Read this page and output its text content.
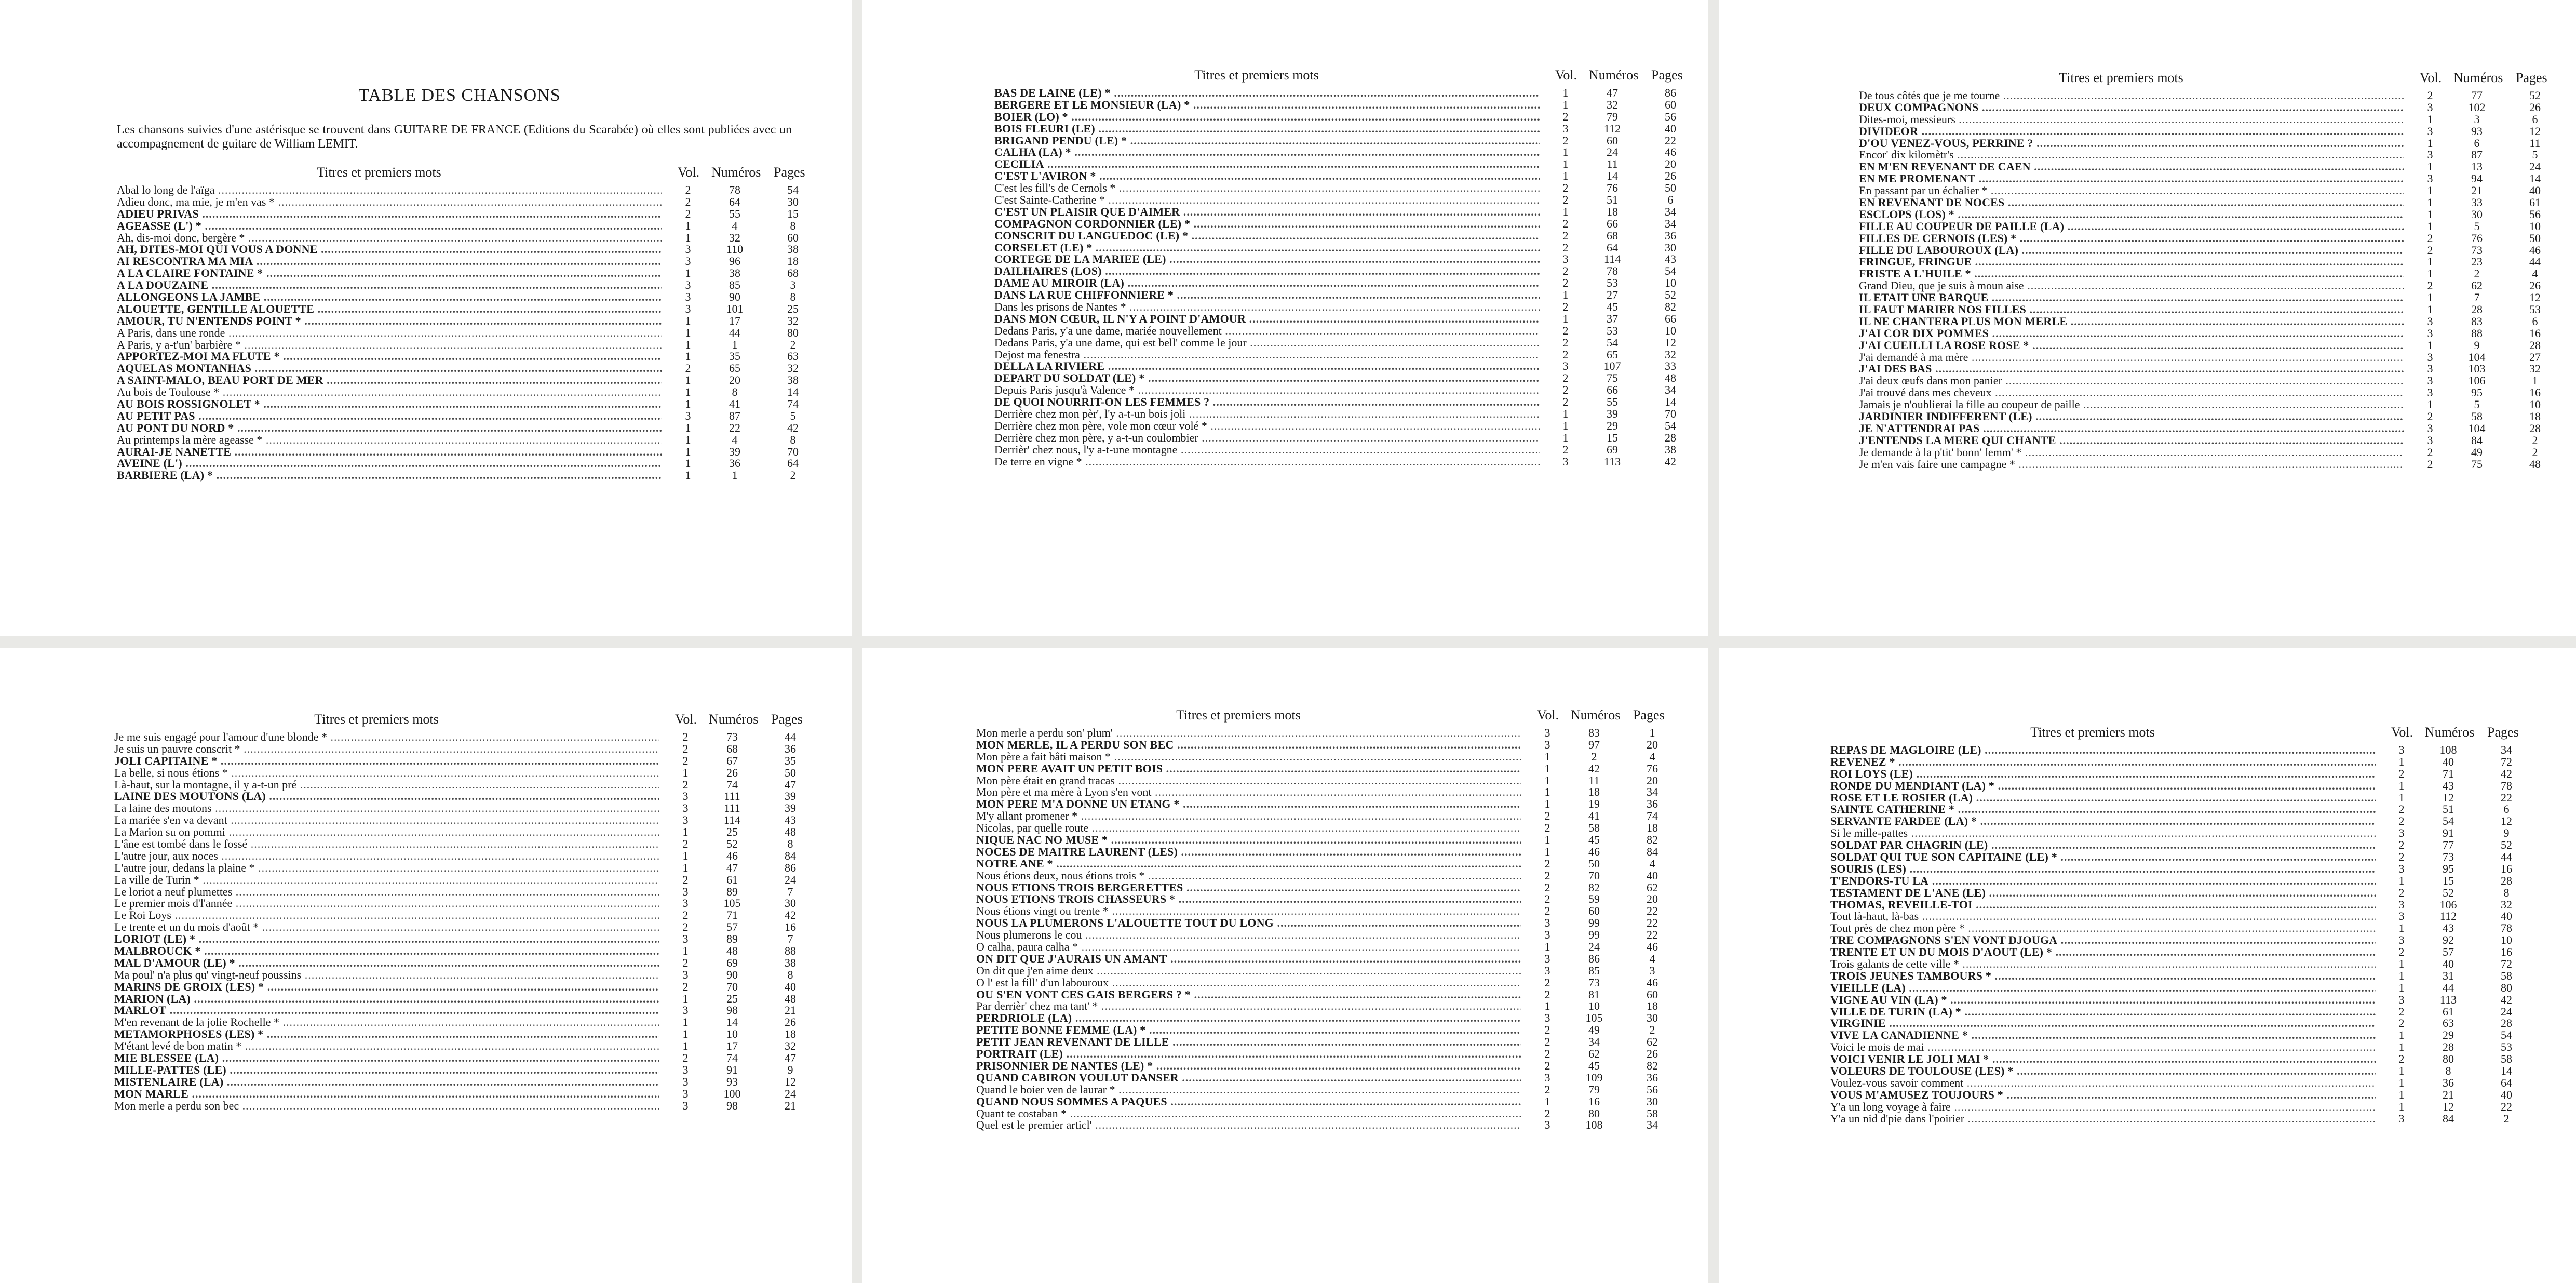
TABLE DES CHANSONS
Les chansons suivies d'une astérisque se trouvent dans GUITARE DE FRANCE (Editions du Scarabée) où elles sont publiées avec un accompagnement de guitare de William LEMIT.
Titres et premiers mots	Vol. Numéros Pages
Abal lo long de l'aïga .....	2	78	54
Adieu donc, ma mie, je m'en vas * .....	2	64	30
ADIEU PRIVAS .....	2	55	15
AGEASSE (L') * .....	1	4	8
Ah, dis-moi donc, bergère * .....	1	32	60
AH, DITES-MOI QUI VOUS A DONNE .....	3	110	38
AI RESCONTRA MA MIA .....	3	96	18
A LA CLAIRE FONTAINE * .....	1	38	68
A LA DOUZAINE .....	3	85	3
ALLONGEONS LA JAMBE .....	3	90	8
ALOUETTE, GENTILLE ALOUETTE .....	3	101	25
AMOUR, TU N'ENTENDS POINT * .....	1	17	32
A Paris, dans une ronde .....	1	44	80
A Paris, y a-t'un' barbière * .....	1	1	2
APPORTEZ-MOI MA FLUTE * .....	1	35	63
AQUELAS MONTANHAS .....	2	65	32
A SAINT-MALO, BEAU PORT DE MER .....	1	20	38
Au bois de Toulouse * .....	1	8	14
AU BOIS ROSSIGNOLET * .....	1	41	74
AU PETIT PAS .....	3	87	5
AU PONT DU NORD * .....	1	22	42
Au printemps la mère ageasse * .....	1	4	8
AURAI-JE NANETTE .....	1	39	70
AVEINE (L') .....	1	36	64
BARBIERE (LA) * .....	1	1	2
Titres et premiers mots	Vol. Numéros Pages
BAS DE LAINE (LE) * .....	1	47	86
BERGERE ET LE MONSIEUR (LA) * .....	1	32	60
BOIER (LO) * .....	2	79	56
BOIS FLEURI (LE) .....	3	112	40
BRIGAND PENDU (LE) * .....	2	60	22
CALHA (LA) * .....	1	24	46
CECILIA .....	1	11	20
C'EST L'AVIRON * .....	1	14	26
C'est les fill's de Cernols * .....	2	76	50
C'est Sainte-Catherine * .....	2	51	6
C'EST UN PLAISIR QUE D'AIMER .....	1	18	34
COMPAGNON CORDONNIER (LE) * .....	2	66	34
CONSCRIT DU LANGUEDOC (LE) * .....	2	68	36
CORSELET (LE) * .....	2	64	30
CORTEGE DE LA MARIEE (LE) .....	3	114	43
DAILHAIRES (LOS) .....	2	78	54
DAME AU MIROIR (LA) .....	2	53	10
DANS LA RUE CHIFFONNIERE * .....	1	27	52
Dans les prisons de Nantes * .....	2	45	82
DANS MON CŒUR, IL N'Y A POINT D'AMOUR .....	1	37	66
Dedans Paris, y'a une dame, mariée nouvellement .....	2	53	10
Dedans Paris, y'a une dame, qui est bell' comme le jour .....	2	54	12
Dejost ma fenestra .....	2	65	32
DELLA LA RIVIERE .....	3	107	33
DEPART DU SOLDAT (LE) * .....	2	75	48
Depuis Paris jusqu'à Valence * .....	2	66	34
DE QUOI NOURRIT-ON LES FEMMES ? .....	2	55	14
Derrière chez mon pèr', l'y a-t-un bois joli .....	1	39	70
Derrière chez mon père, vole mon cœur volé * .....	1	29	54
Derrière chez mon père, y a-t-un coulombier .....	1	15	28
Derrièr' chez nous, l'y a-t-une montagne .....	2	69	38
De terre en vigne * .....	3	113	42
Titres et premiers mots	Vol. Numéros Pages
De tous côtés que je me tourne .....	2	77	52
DEUX COMPAGNONS .....	3	102	26
Dites-moi, messieurs .....	1	3	6
DIVIDEOR .....	3	93	12
D'OU VENEZ-VOUS, PERRINE ? .....	1	6	11
Encor' dix kilomètr's .....	3	87	5
EN M'EN REVENANT DE CAEN .....	1	13	24
EN ME PROMENANT .....	3	94	14
En passant par un échalier * .....	1	21	40
EN REVENANT DE NOCES .....	1	33	61
ESCLOPS (LOS) * .....	1	30	56
FILLE AU COUPEUR DE PAILLE (LA) .....	1	5	10
FILLES DE CERNOIS (LES) * .....	2	76	50
FILLE DU LABOUROUX (LA) .....	2	73	46
FRINGUE, FRINGUE .....	1	23	44
FRISTE A L'HUILE * .....	1	2	4
Grand Dieu, que je suis à moun aise .....	2	62	26
IL ETAIT UNE BARQUE .....	1	7	12
IL FAUT MARIER NOS FILLES .....	1	28	53
IL NE CHANTERA PLUS MON MERLE .....	3	83	6
J'AI COR DIX POMMES .....	3	88	16
J'AI CUEILLI LA ROSE ROSE * .....	1	9	28
J'ai demandé à ma mère .....	3	104	27
J'AI DES BAS .....	3	103	32
J'ai deux œufs dans mon panier .....	3	106	1
J'ai trouvé dans mes cheveux .....	3	95	16
Jamais je n'oublierai la fille au coupeur de paille .....	1	5	10
JARDINIER INDIFFERENT (LE) .....	2	58	18
JE N'ATTENDRAI PAS .....	3	104	28
J'ENTENDS LA MERE QUI CHANTE .....	3	84	2
Je demande à la p'tit' bonn' femm' * .....	2	49	2
Je m'en vais faire une campagne * .....	2	75	48
Titres et premiers mots	Vol. Numéros Pages
Je me suis engagé pour l'amour d'une blonde * .....	2	73	44
Je suis un pauvre conscrit * .....	2	68	36
JOLI CAPITAINE * .....	2	67	35
La belle, si nous étions * .....	1	26	50
Là-haut, sur la montagne, il y a-t-un pré .....	2	74	47
LAINE DES MOUTONS (LA) .....	3	111	39
La laine des moutons .....	3	111	39
La mariée s'en va devant .....	3	114	43
La Marion su on pommi .....	1	25	48
L'âne est tombé dans le fossé .....	2	52	8
L'autre jour, aux noces .....	1	46	84
L'autre jour, dedans la plaine * .....	1	47	86
La ville de Turin * .....	2	61	24
Le loriot a neuf plumettes .....	3	89	7
Le premier mois d'l'année .....	3	105	30
Le Roi Loys .....	2	71	42
Le trente et un du mois d'août * .....	2	57	16
LORIOT (LE) * .....	3	89	7
MALBROUCK * .....	1	48	88
MAL D'AMOUR (LE) * .....	2	69	38
Ma poul' n'a plus qu' vingt-neuf poussins .....	3	90	8
MARINS DE GROIX (LES) * .....	2	70	40
MARION (LA) .....	1	25	48
MARLOT .....	3	98	21
M'en revenant de la jolie Rochelle * .....	1	14	26
METAMORPHOSES (LES) * .....	1	10	18
M'étant levé de bon matin * .....	1	17	32
MIE BLESSEE (LA) .....	2	74	47
MILLE-PATTES (LE) .....	3	91	9
MISTENLAIRE (LA) .....	3	93	12
MON MARLE .....	3	100	24
Mon merle a perdu son bec .....	3	98	21
Titres et premiers mots	Vol. Numéros Pages
Mon merle a perdu son' plum' .....	3	83	1
MON MERLE, IL A PERDU SON BEC .....	3	97	20
Mon père a fait bâti maison * .....	1	2	4
MON PERE AVAIT UN PETIT BOIS .....	1	42	76
Mon père était en grand tracas .....	1	11	20
Mon père et ma mère à Lyon s'en vont .....	1	18	34
MON PERE M'A DONNE UN ETANG * .....	1	19	36
M'y allant promener * .....	2	41	74
Nicolas, par quelle route .....	2	58	18
NIQUE NAC NO MUSE * .....	1	45	82
NOCES DE MAITRE LAURENT (LES) .....	1	46	84
NOTRE ANE * .....	2	50	4
Nous étions deux, nous étions trois * .....	2	70	40
NOUS ETIONS TROIS BERGERETTES .....	2	82	62
NOUS ETIONS TROIS CHASSEURS * .....	2	59	20
Nous étions vingt ou trente * .....	2	60	22
NOUS LA PLUMERONS L'ALOUETTE TOUT DU LONG .....	3	99	22
Nous plumerons le cou .....	3	99	22
O calha, paura calha * .....	1	24	46
ON DIT QUE J'AURAIS UN AMANT .....	3	86	4
On dit que j'en aime deux .....	3	85	3
O l' est la fill' d'un labouroux .....	2	73	46
OU S'EN VONT CES GAIS BERGERS ? * .....	2	81	60
Par derrièr' chez ma tant' * .....	1	10	18
PERDRIOLE (LA) .....	3	105	30
PETITE BONNE FEMME (LA) * .....	2	49	2
PETIT JEAN REVENANT DE LILLE .....	2	34	62
PORTRAIT (LE) .....	2	62	26
PRISONNIER DE NANTES (LE) * .....	2	45	82
QUAND CABIRON VOULUT DANSER .....	3	109	36
Quand le boier ven de laurar * .....	2	79	56
QUAND NOUS SOMMES A PAQUES .....	1	16	30
Quant te costaban * .....	2	80	58
Quel est le premier articl' .....	3	108	34
Titres et premiers mots	Vol. Numéros Pages
REPAS DE MAGLOIRE (LE) .....	3	108	34
REVENEZ * .....	1	40	72
ROI LOYS (LE) .....	2	71	42
RONDE DU MENDIANT (LA) * .....	1	43	78
ROSE ET LE ROSIER (LA) .....	1	12	22
SAINTE CATHERINE * .....	2	51	6
SERVANTE FARDEE (LA) * .....	2	54	12
Si le mille-pattes .....	3	91	9
SOLDAT PAR CHAGRIN (LE) .....	2	77	52
SOLDAT QUI TUE SON CAPITAINE (LE) * .....	2	73	44
SOURIS (LES) .....	3	95	16
T'ENDORS-TU LA .....	1	15	28
TESTAMENT DE L'ANE (LE) .....	2	52	8
THOMAS, REVEILLE-TOI .....	3	106	32
Tout là-haut, là-bas .....	3	112	40
Tout près de chez mon père * .....	1	43	78
TRE COMPAGNONS S'EN VONT DJOUGA .....	3	92	10
TRENTE ET UN DU MOIS D'AOUT (LE) * .....	2	57	16
Trois galants de cette ville * .....	1	40	72
TROIS JEUNES TAMBOURS * .....	1	31	58
VIEILLE (LA) .....	1	44	80
VIGNE AU VIN (LA) * .....	3	113	42
VILLE DE TURIN (LA) * .....	2	61	24
VIRGINIE .....	2	63	28
VIVE LA CANADIENNE * .....	1	29	54
Voici le mois de mai .....	1	28	53
VOICI VENIR LE JOLI MAI * .....	2	80	58
VOLEURS DE TOULOUSE (LES) * .....	1	8	14
Voulez-vous savoir comment .....	1	36	64
VOUS M'AMUSEZ TOUJOURS * .....	1	21	40
Y'a un long voyage à faire .....	1	12	22
Y'a un nid d'pie dans l'poirier .....	3	84	2
